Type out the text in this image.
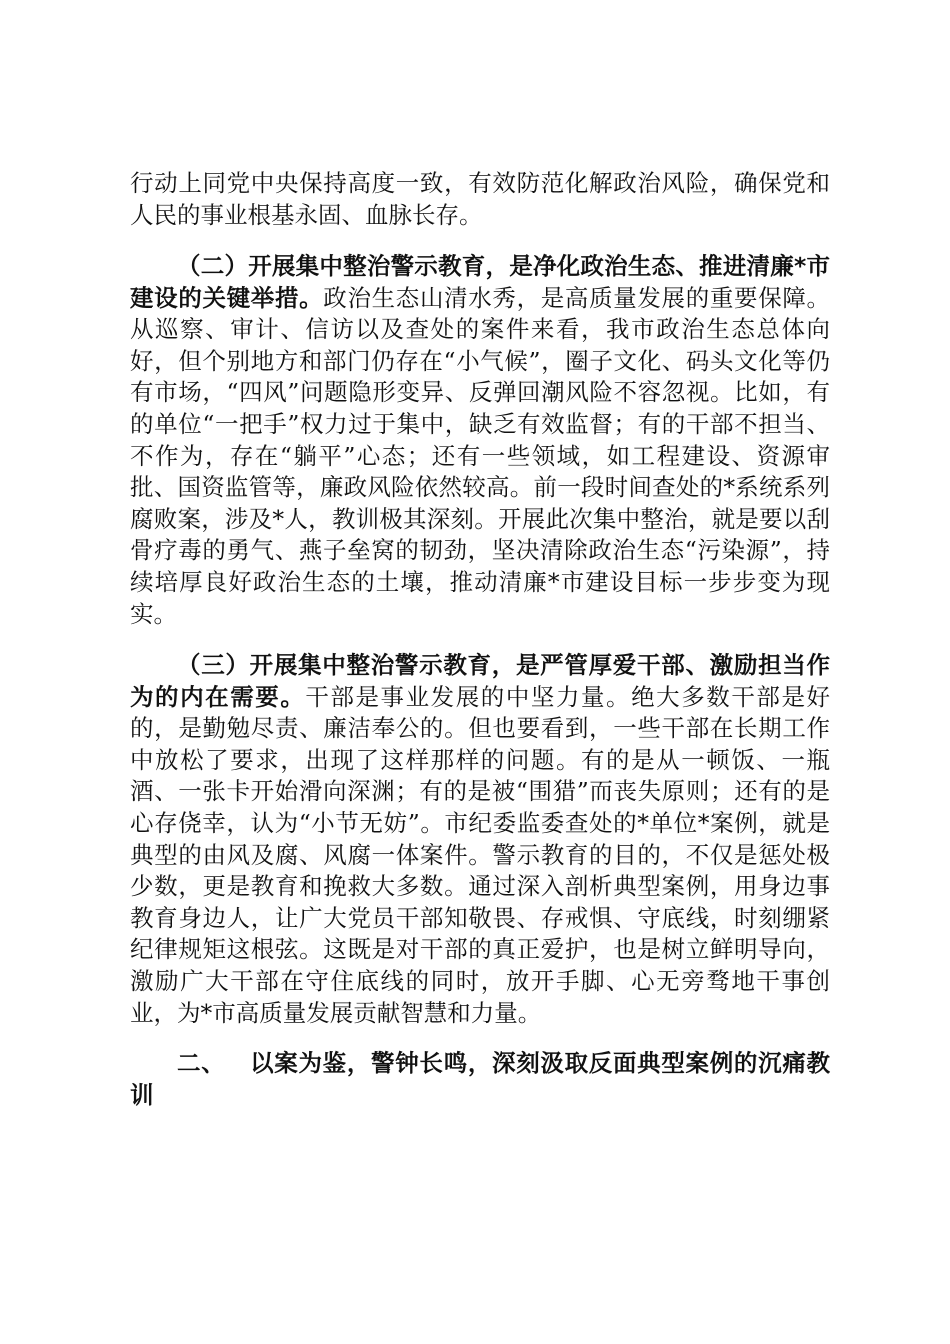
行动上同党中央保持高度一致，有效防范化解政治风险，确保党和人民的事业根基永固、血脉长存。

（二）开展集中整治警示教育，是净化政治生态、推进清廉*市建设的关键举措。政治生态山清水秀，是高质量发展的重要保障。从巡察、审计、信访以及查处的案件来看，我市政治生态总体向好，但个别地方和部门仍存在“小气候”，圈子文化、码头文化等仍有市场，“四风”问题隐形变异、反弹回潮风险不容忽视。比如，有的单位“一把手”权力过于集中，缺乏有效监督；有的干部不担当、不作为，存在“躺平”心态；还有一些领域，如工程建设、资源审批、国资监管等，廉政风险依然较高。前一段时间查处的*系统系列腐败案，涉及*人，教训极其深刻。开展此次集中整治，就是要以刮骨疗毒的勇气、燕子垒窝的韧劲，坚决清除政治生态“污染源”，持续培厚良好政治生态的土壤，推动清廉*市建设目标一步步变为现实。

（三）开展集中整治警示教育，是严管厚爱干部、激励担当作为的内在需要。干部是事业发展的中坚力量。绝大多数干部是好的，是勤勉尽责、廉洁奉公的。但也要看到，一些干部在长期工作中放松了要求，出现了这样那样的问题。有的是从一顿饭、一瓶酒、一张卡开始滑向深渊；有的是被“围猎”而丧失原则；还有的是心存侥幸，认为“小节无妨”。市纪委监委查处的*单位*案例，就是典型的由风及腐、风腐一体案件。警示教育的目的，不仅是惩处极少数，更是教育和挽救大多数。通过深入剖析典型案例，用身边事教育身边人，让广大党员干部知敬畏、存戒惧、守底线，时刻绷紧纪律规矩这根弦。这既是对干部的真正爱护，也是树立鲜明导向，激励广大干部在守住底线的同时，放开手脚、心无旁骛地干事创业，为*市高质量发展贡献智慧和力量。

二、 以案为鉴，警钟长鸣，深刻汲取反面典型案例的沉痛教训
